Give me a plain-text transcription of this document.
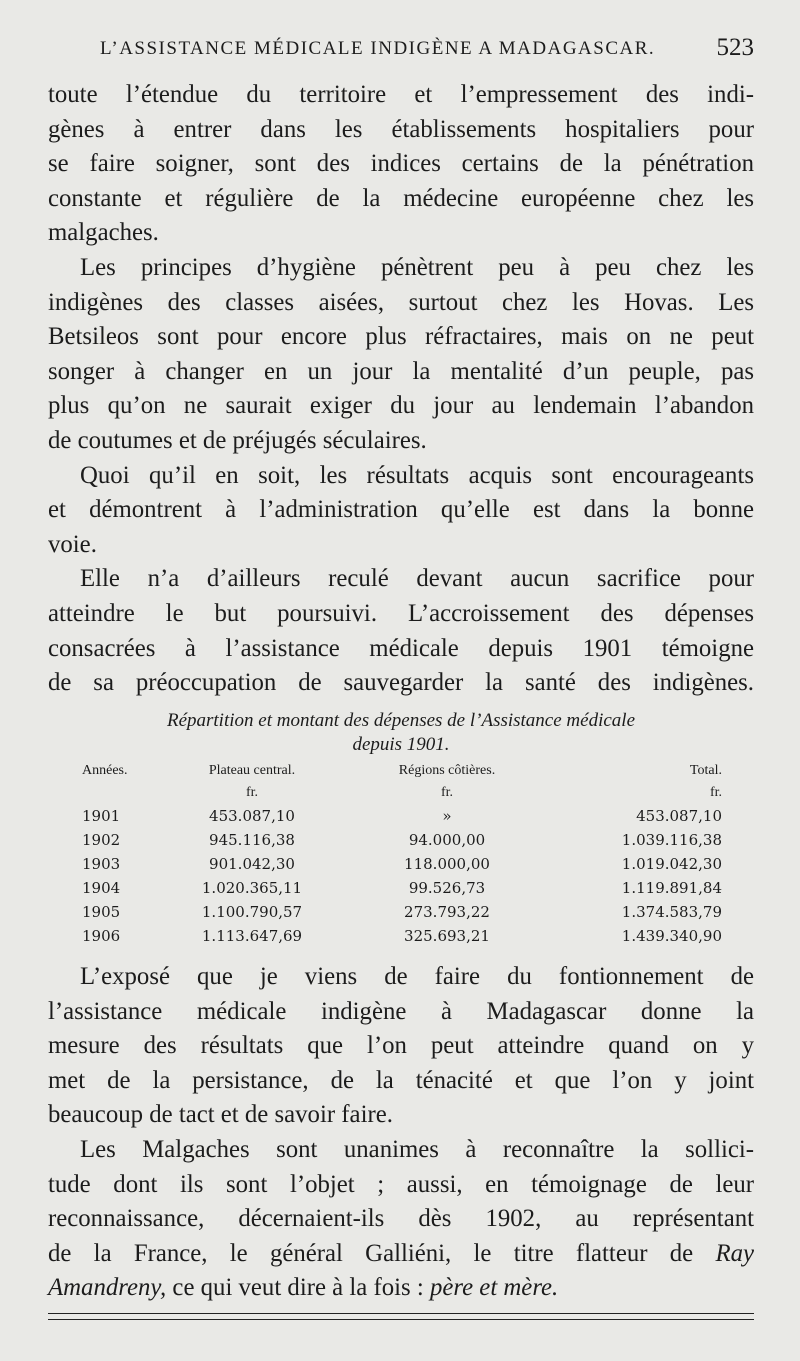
L’ASSISTANCE MÉDICALE INDIGÈNE A MADAGASCAR. 523

toute l’étendue du territoire et l’empressement des indi-

gènes à entrer dans les établissements hospitaliers pour

se faire soigner, sont des indices certains de la pénétration

constante et régulière de la médecine européenne chez les

malgaches.

Les principes d’hygiène pénètrent peu à peu chez les

indigènes des classes aisées, surtout chez les Hovas. Les

Betsileos sont pour encore plus réfractaires, mais on ne peut

songer à changer en un jour la mentalité d’un peuple, pas

plus qu’on ne saurait exiger du jour au lendemain l’abandon

de coutumes et de préjugés séculaires.

Quoi qu’il en soit, les résultats acquis sont encourageants

et démontrent à l’administration qu’elle est dans la bonne

voie.

Elle n’a d’ailleurs reculé devant aucun sacrifice pour

atteindre le but poursuivi. L’accroissement des dépenses

consacrées à l’assistance médicale depuis 1901 témoigne

de sa préoccupation de sauvegarder la santé des indigènes.

Répartition et montant des dépenses de l’Assistance médicale
depuis 1901.
Années.	Plateau central.	Régions côtières.	Total.
	fr.	fr.	fr.
1901	453.087,10	»	453.087,10
1902	945.116,38	94.000,00	1.039.116,38
1903	901.042,30	118.000,00	1.019.042,30
1904	1.020.365,11	99.526,73	1.119.891,84
1905	1.100.790,57	273.793,22	1.374.583,79
1906	1.113.647,69	325.693,21	1.439.340,90

L’exposé que je viens de faire du fontionnement de

l’assistance médicale indigène à Madagascar donne la

mesure des résultats que l’on peut atteindre quand on y

met de la persistance, de la ténacité et que l’on y joint

beaucoup de tact et de savoir faire.

Les Malgaches sont unanimes à reconnaître la sollici-

tude dont ils sont l’objet ; aussi, en témoignage de leur

reconnaissance, décernaient-ils dès 1902, au représentant

de la France, le général Galliéni, le titre flatteur de Ray

Amandreny, ce qui veut dire à la fois : père et mère.
